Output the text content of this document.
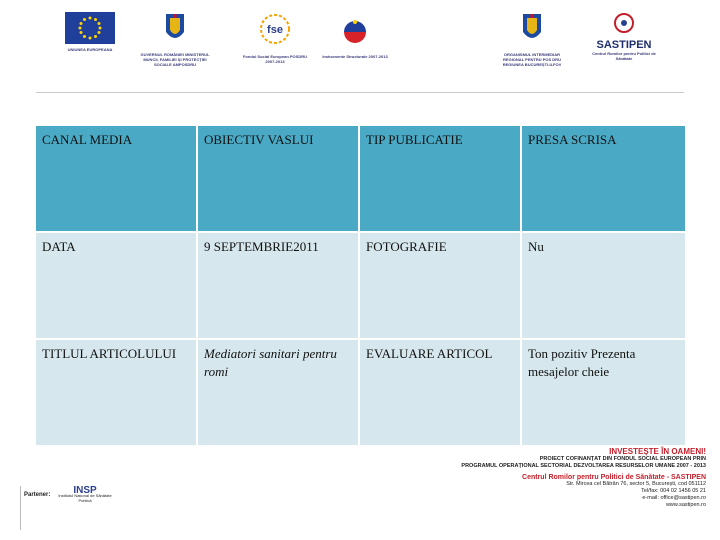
UNIUNEA EUROPEANA
GUVERNUL ROMÂNIEI MINISTERUL MUNCII, FAMILIEI ȘI PROTECȚIEI SOCIALE AMPOSDRU
fse
Fondul Social European POSDRU 2007-2013
Instrumente Structurale 2007-2013	ORGANISMUL INTERMEDIAR REGIONAL PENTRU POS DRU REGIUNEA BUCUREȘTI-ILFOV
SASTIPEN
Centrul Romilor pentru Politici de Sănătate
CANAL MEDIA	OBIECTIV VASLUI	TIP PUBLICATIE	PRESA SCRISA
DATA	9 SEPTEMBRIE2011	FOTOGRAFIE	Nu
TITLUL ARTICOLULUI	Mediatori sanitari pentru romi	EVALUARE ARTICOL	Ton pozitiv Prezenta mesajelor cheie
Partener:	INSP
Institutul Național de Sănătate Publică
INVESTEȘTE ÎN OAMENI!
PROIECT COFINANȚAT DIN FONDUL SOCIAL EUROPEAN PRIN
PROGRAMUL OPERAȚIONAL SECTORIAL DEZVOLTAREA RESURSELOR UMANE 2007 - 2013
Centrul Romilor pentru Politici de Sănătate - SASTIPEN
Str. Mircea cel Bătrân 76, sector 5, București, cod 051112
Tel/fax: 004 02 1456 05 21
e-mail: office@sastipen.ro
www.sastipen.ro
